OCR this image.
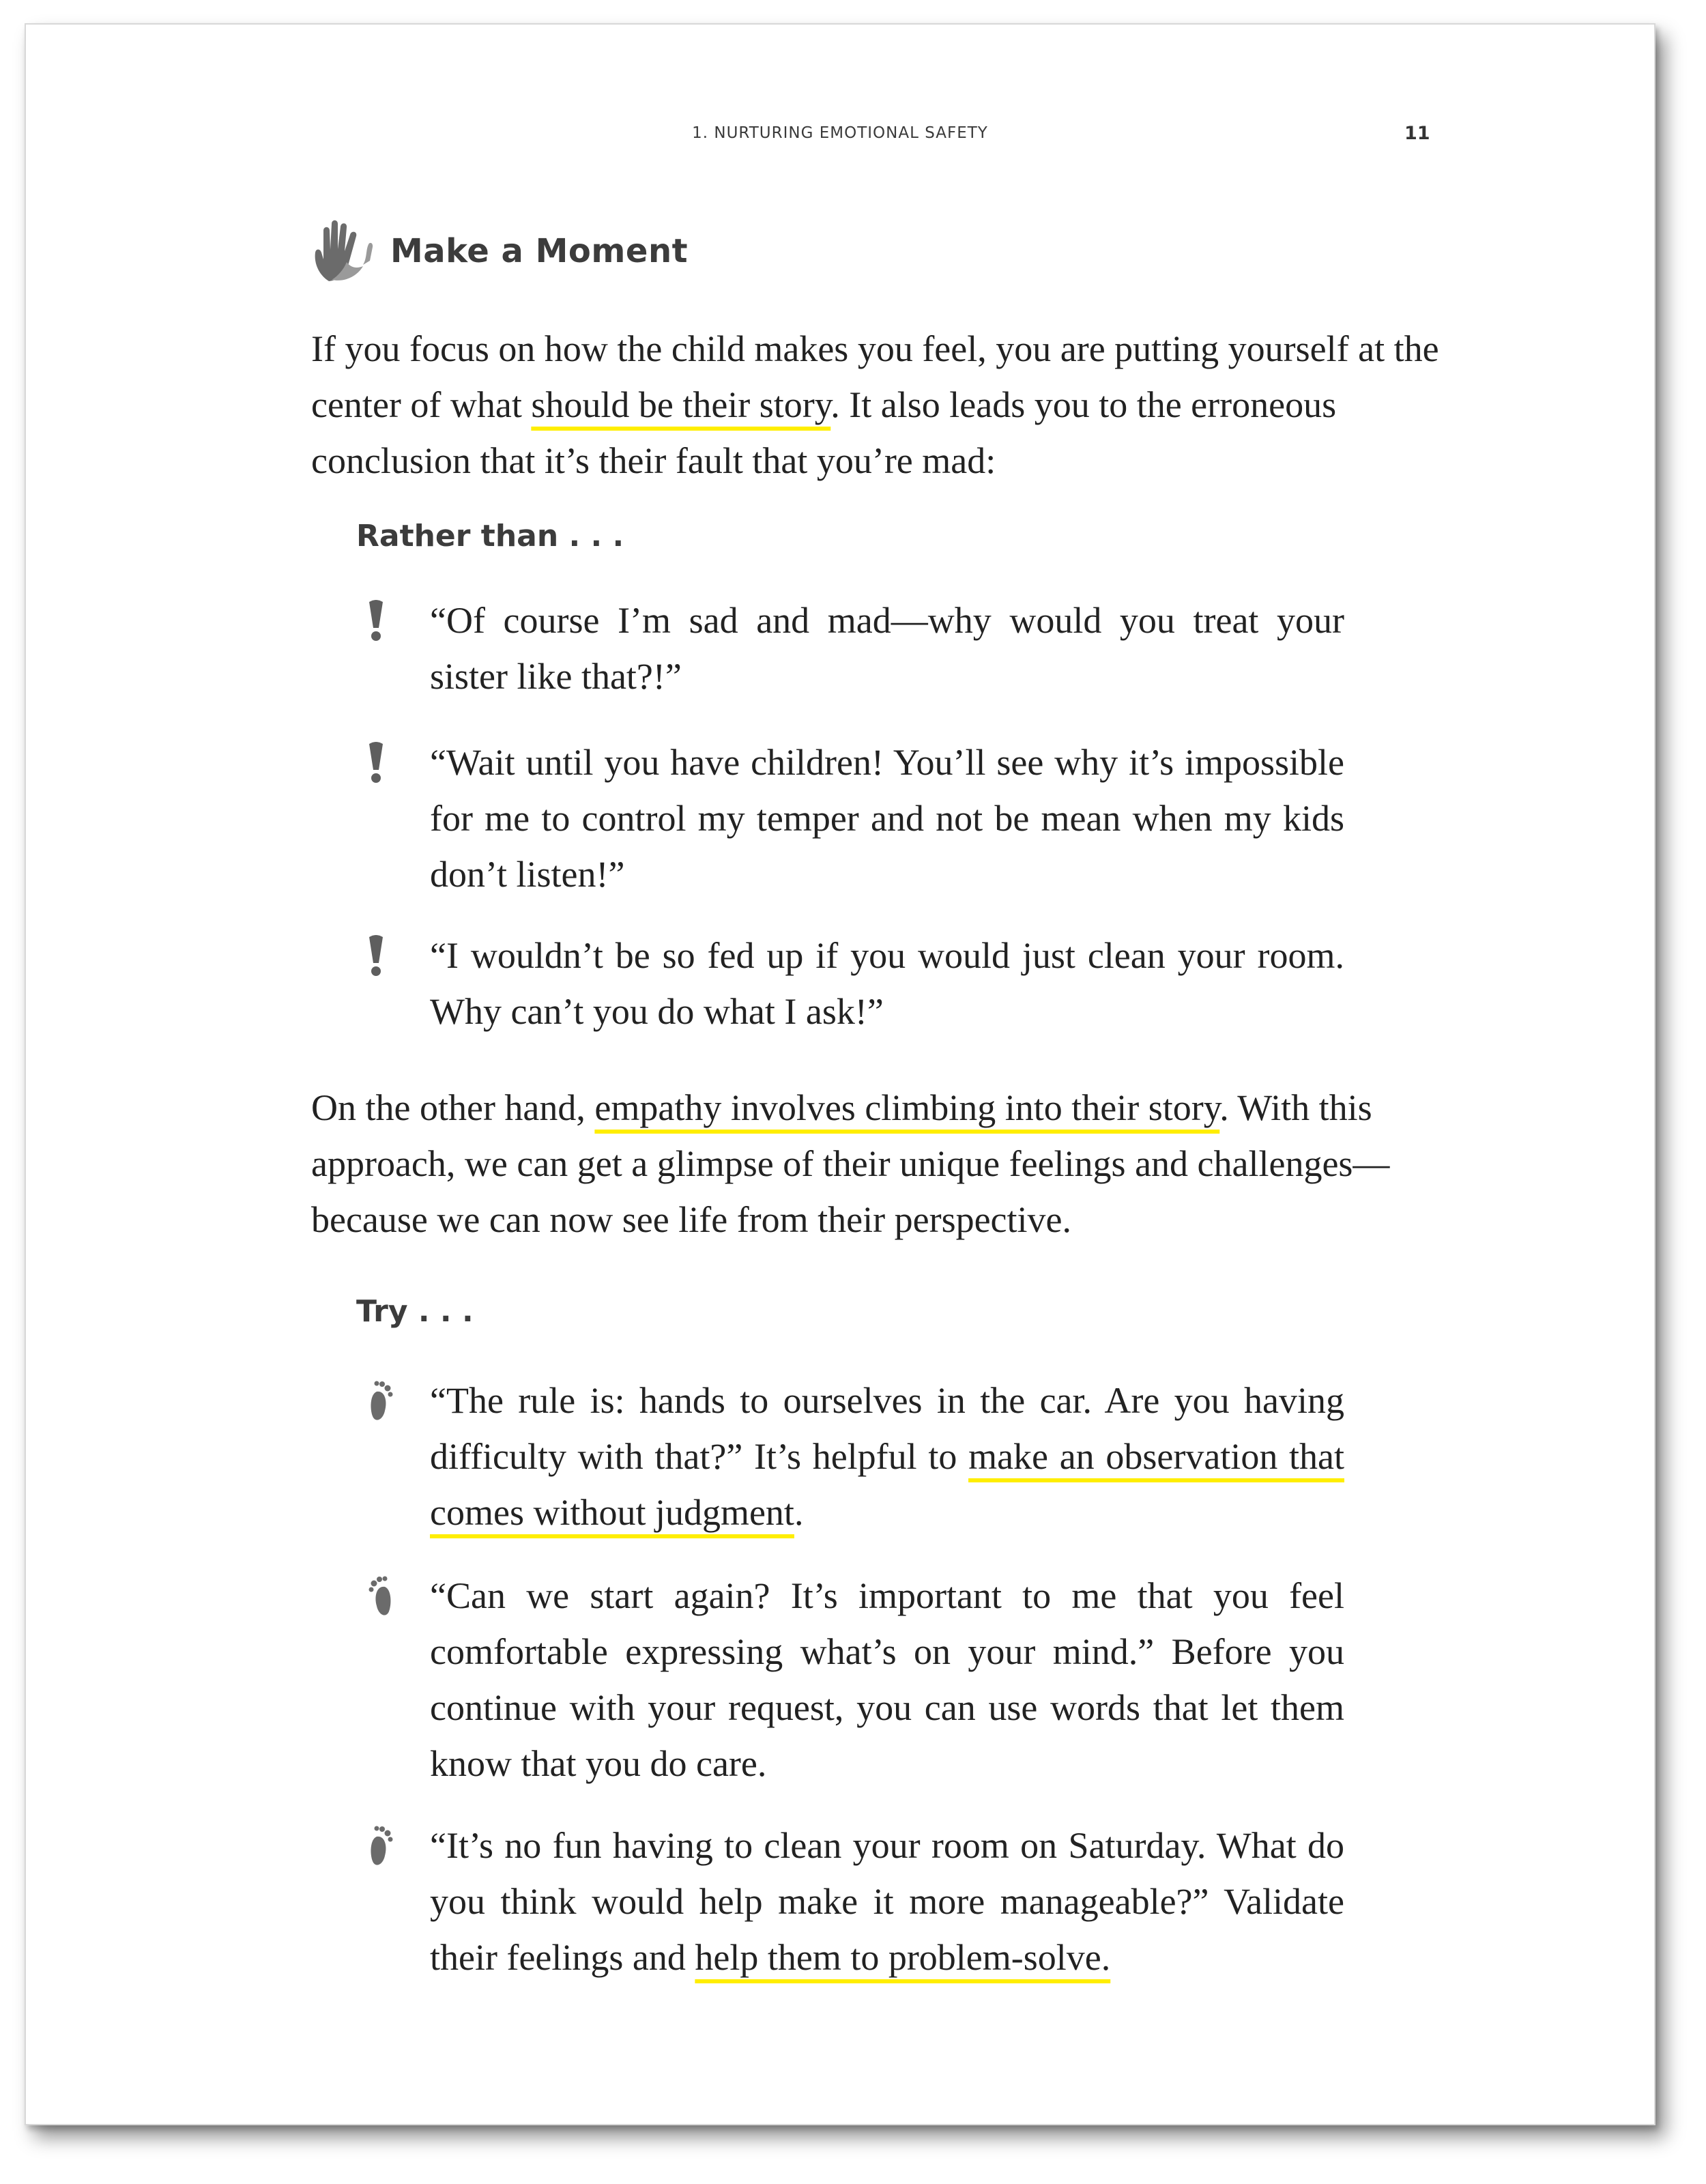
1. NURTURING EMOTIONAL SAFETY	11
Make a Moment

If you focus on how the child makes you feel, you are putting yourself at the center of what should be their story. It also leads you to the erroneous conclusion that it’s their fault that you’re mad:

Rather than . . .
“Of course I’m sad and mad—why would you treat your sister like that?!”
“Wait until you have children! You’ll see why it’s impossible for me to control my temper and not be mean when my kids don’t listen!”
“I wouldn’t be so fed up if you would just clean your room. Why can’t you do what I ask!”

On the other hand, empathy involves climbing into their story. With this approach, we can get a glimpse of their unique feelings and challenges—because we can now see life from their perspective.

Try . . .
“The rule is: hands to ourselves in the car. Are you having difficulty with that?” It’s helpful to make an observation that comes without judgment.
“Can we start again? It’s important to me that you feel comfortable expressing what’s on your mind.” Before you continue with your request, you can use words that let them know that you do care.
“It’s no fun having to clean your room on Saturday. What do you think would help make it more manageable?” Validate their feelings and help them to problem-solve.
